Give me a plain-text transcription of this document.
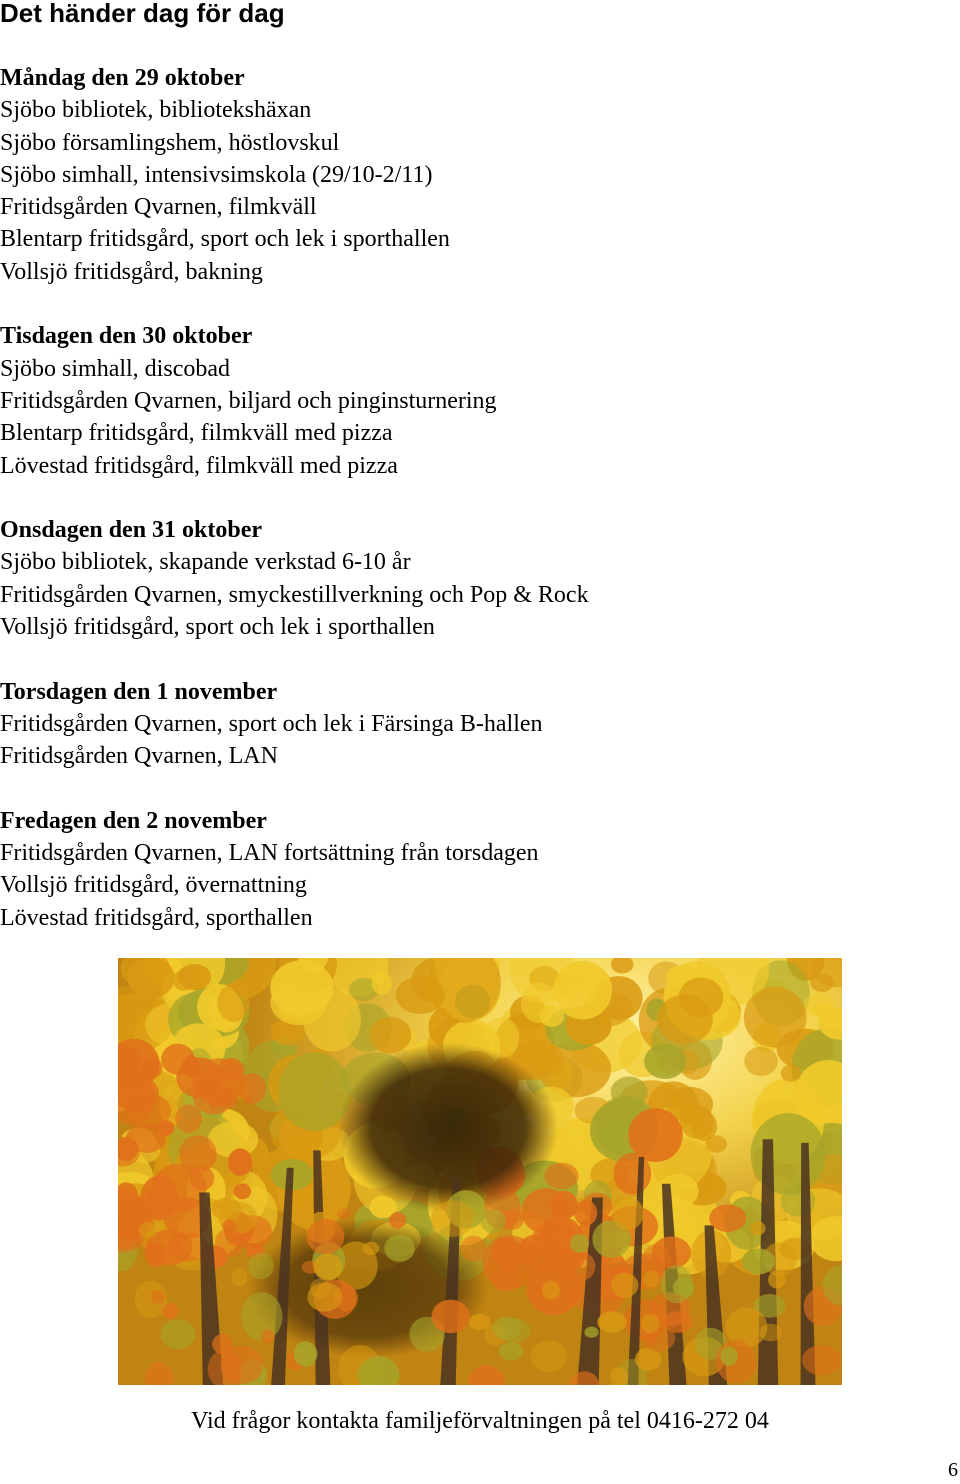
Det händer dag för dag
Måndag den 29 oktober
Sjöbo bibliotek, bibliotekshäxan
Sjöbo församlingshem, höstlovskul
Sjöbo simhall, intensivsimskola (29/10-2/11)
Fritidsgården Qvarnen, filmkväll
Blentarp fritidsgård, sport och lek i sporthallen
Vollsjö fritidsgård, bakning
Tisdagen den 30 oktober
Sjöbo simhall, discobad
Fritidsgården Qvarnen, biljard och pinginsturnering
Blentarp fritidsgård, filmkväll med pizza
Lövestad fritidsgård, filmkväll med pizza
Onsdagen den 31 oktober
Sjöbo bibliotek, skapande verkstad 6-10 år
Fritidsgården Qvarnen, smyckestillverkning och Pop & Rock
Vollsjö fritidsgård, sport och lek i sporthallen
Torsdagen den 1 november
Fritidsgården Qvarnen, sport och lek i Färsinga B-hallen
Fritidsgården Qvarnen, LAN
Fredagen den 2 november
Fritidsgården Qvarnen, LAN fortsättning från torsdagen
Vollsjö fritidsgård, övernattning
Lövestad fritidsgård, sporthallen
Vid frågor kontakta familjeförvaltningen på tel 0416-272 04
6
